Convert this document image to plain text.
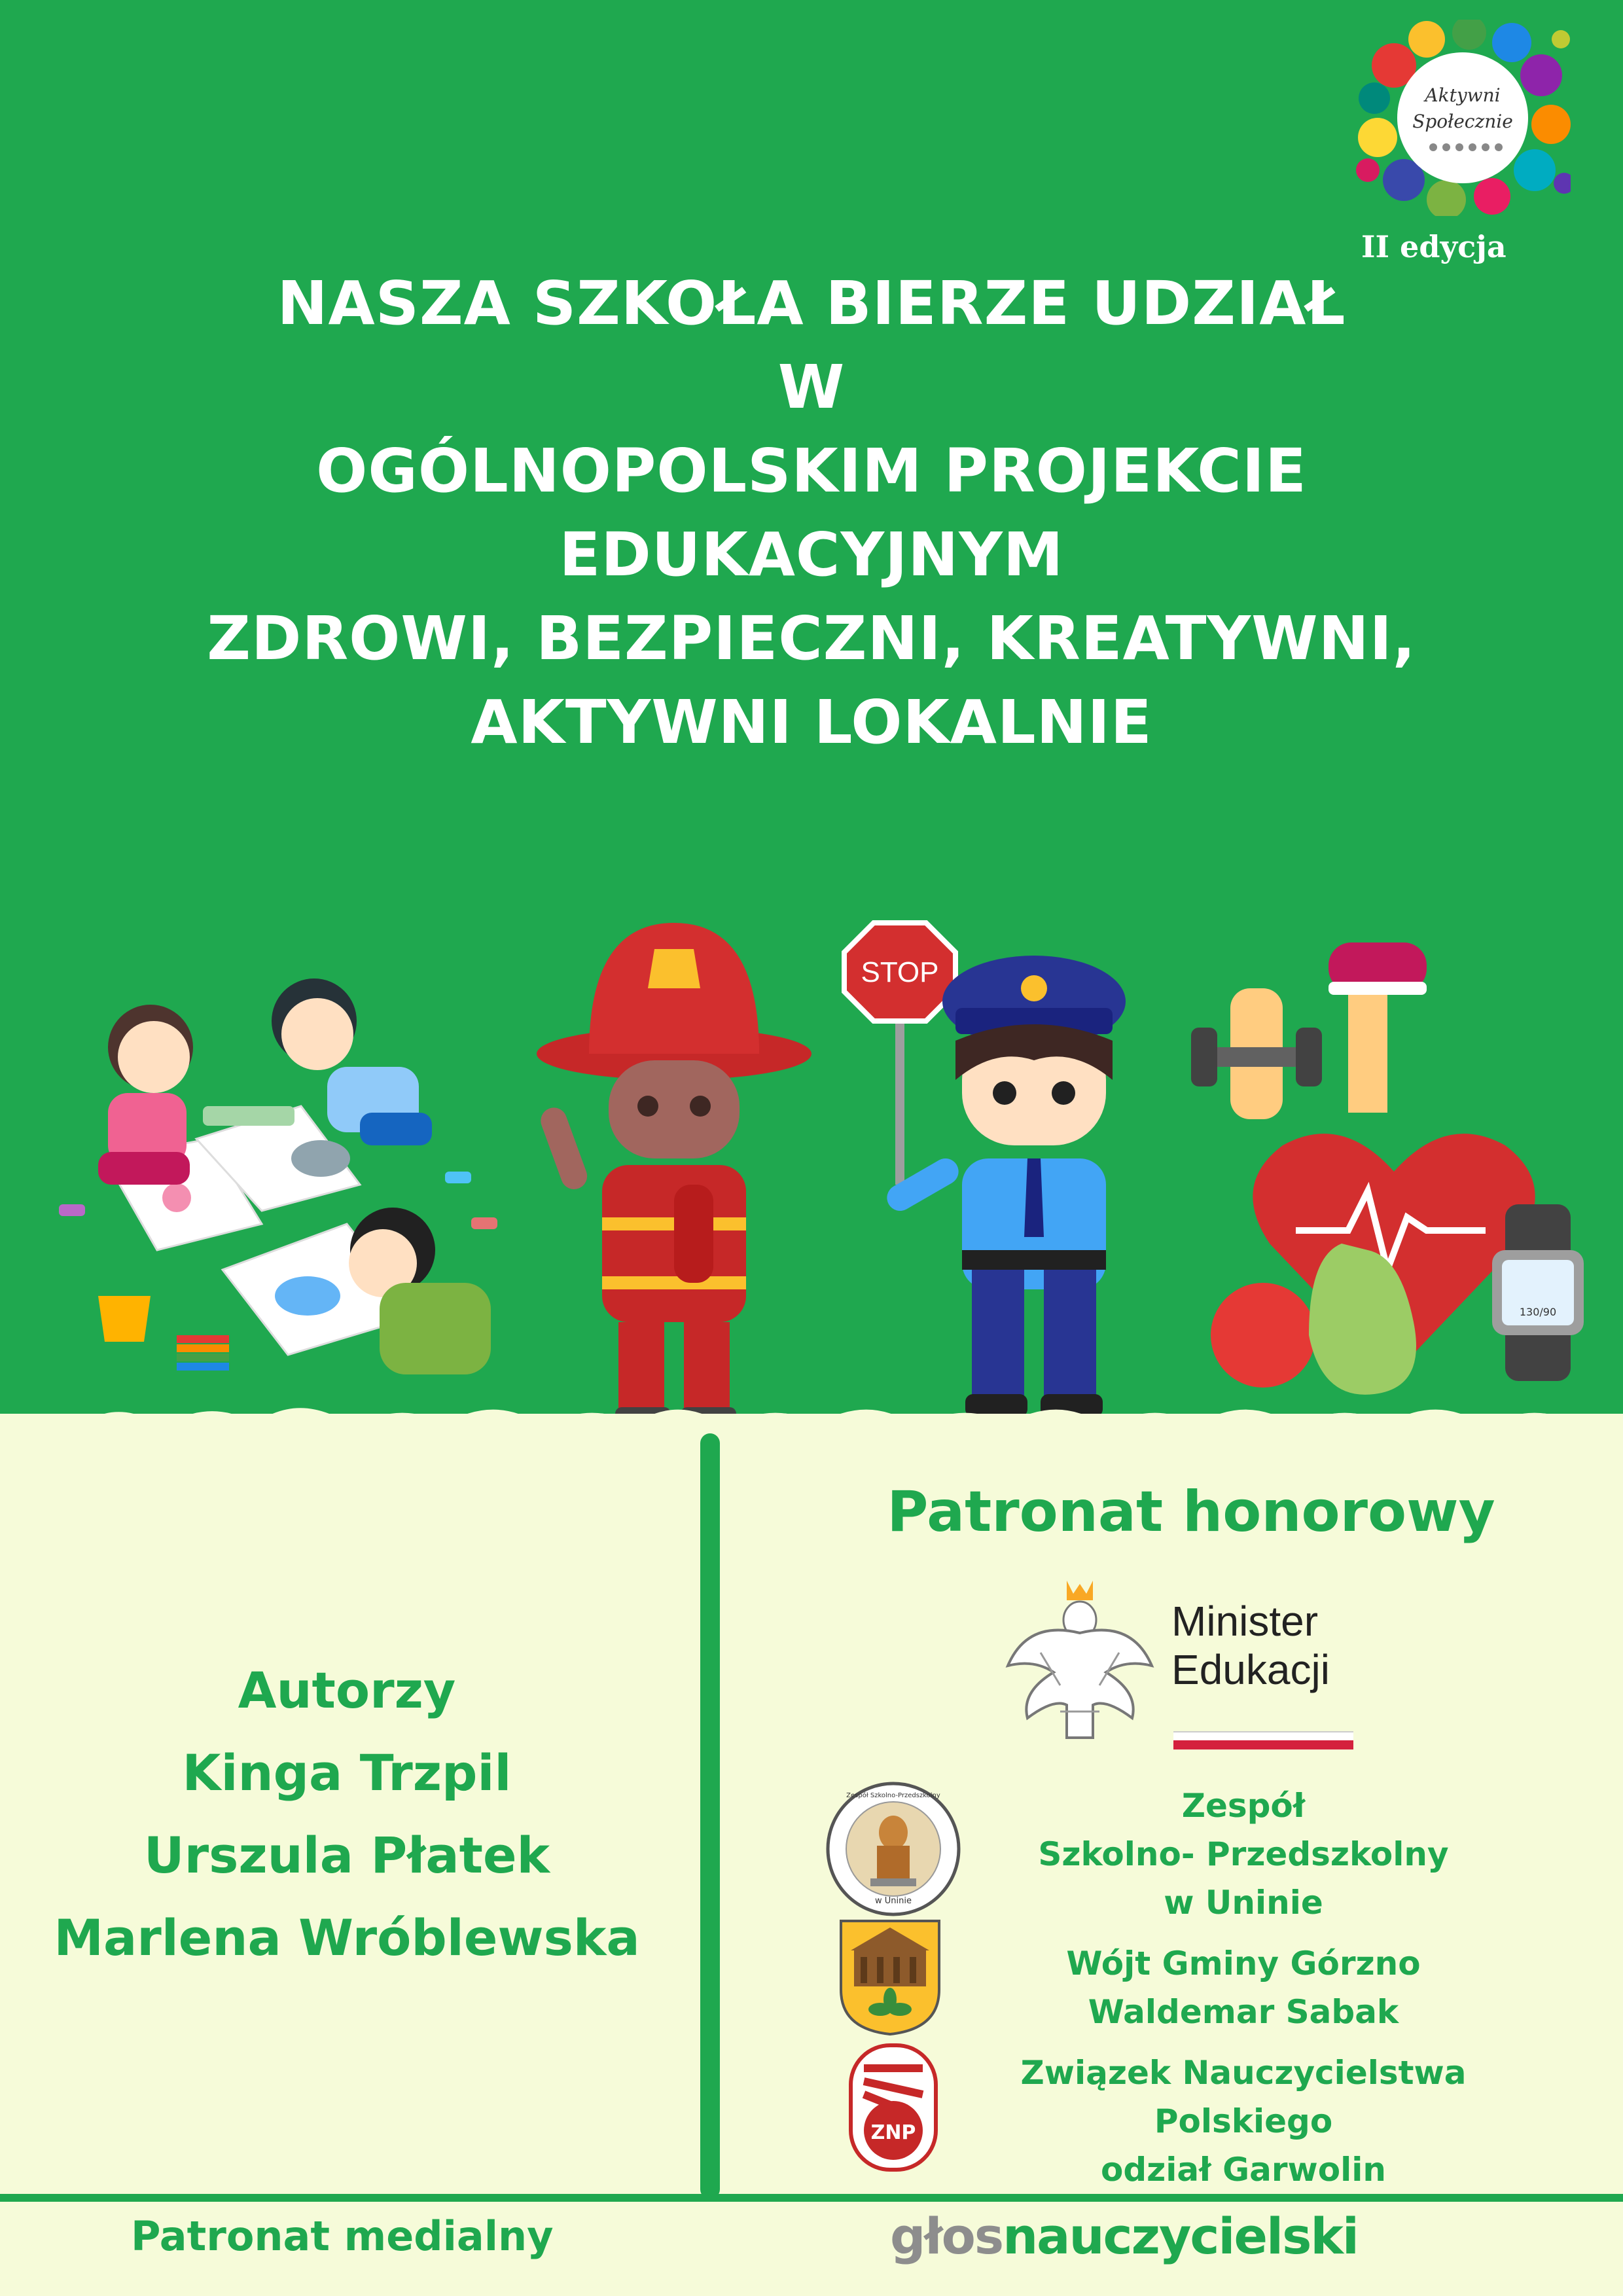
Aktywni
Społecznie
II edycja
NASZA SZKOŁA BIERZE UDZIAŁ
W
OGÓLNOPOLSKIM PROJEKCIE
EDUKACYJNYM
ZDROWI, BEZPIECZNI, KREATYWNI,
AKTYWNI LOKALNIE
STOP
130/90
Autorzy
Kinga Trzpil
Urszula Płatek
Marlena Wróblewska
Patronat honorowy
Minister
Edukacji
w Uninie
Zespół Szkolno-Przedszkolny	Zespół
Szkolno- Przedszkolny
w Uninie
Wójt Gminy Górzno
Waldemar Sabak
ZNP
Związek Nauczycielstwa
Polskiego
odział Garwolin
Patronat medialny	głosnauczycielski
